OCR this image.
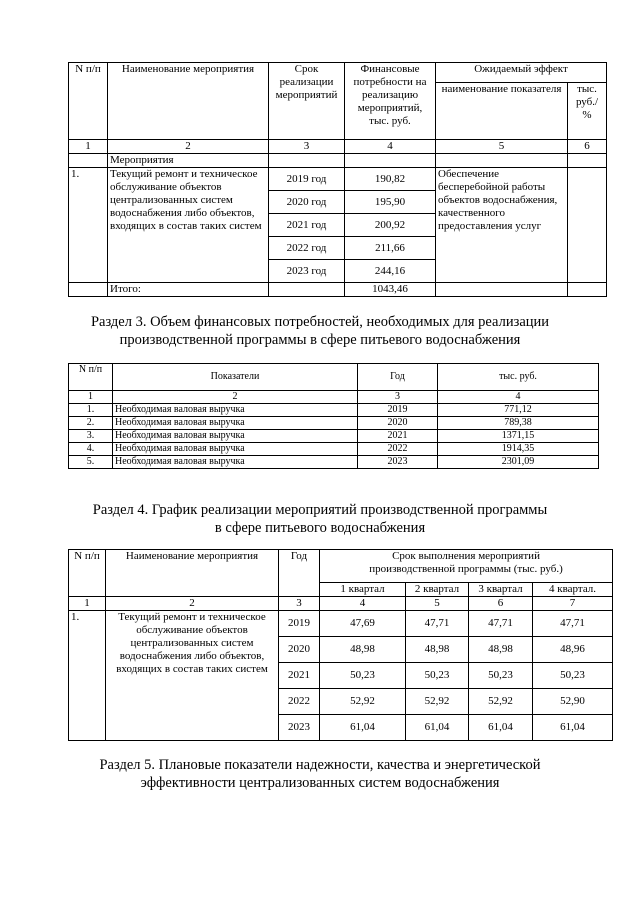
N п/п	Наименование мероприятия	Срок реализации мероприятий	Финансовые потребности на реализацию мероприятий, тыс. руб.	Ожидаемый эффект	
				наименование показателя	тыс. руб./ %
1	2	3	4	5	6
	Мероприятия				
1.	Текущий ремонт и техническое обслуживание объектов централизованных систем водоснабжения либо объектов, входящих в состав таких систем	2019 год	190,82	Обеспечение бесперебойной работы объектов водоснабжения, качественного предоставления услуг	
		2020 год	195,90		
		2021 год	200,92		
		2022 год	211,66		
		2023 год	244,16		
	Итого:		1043,46		
Раздел 3. Объем финансовых потребностей, необходимых для реализации
производственной программы в сфере питьевого водоснабжения
N п/п	Показатели	Год	тыс. руб.
1	2	3	4
1.	Необходимая валовая выручка	2019	771,12
2.	Необходимая валовая выручка	2020	789,38
3.	Необходимая валовая выручка	2021	1371,15
4.	Необходимая валовая выручка	2022	1914,35
5.	Необходимая валовая выручка	2023	2301,09
Раздел 4. График реализации мероприятий производственной программы
в сфере питьевого водоснабжения
N п/п	Наименование мероприятия	Год	Срок выполнения мероприятий производственной программы (тыс. руб.)			
			1 квартал	2 квартал	3 квартал	4 квартал.
1	2	3	4	5	6	7
1.	Текущий ремонт и техническое обслуживание объектов централизованных систем водоснабжения либо объектов, входящих в состав таких систем	2019	47,69	47,71	47,71	47,71
		2020	48,98	48,98	48,98	48,96
		2021	50,23	50,23	50,23	50,23
		2022	52,92	52,92	52,92	52,90
		2023	61,04	61,04	61,04	61,04
Раздел 5. Плановые показатели надежности, качества и энергетической
эффективности централизованных систем водоснабжения
